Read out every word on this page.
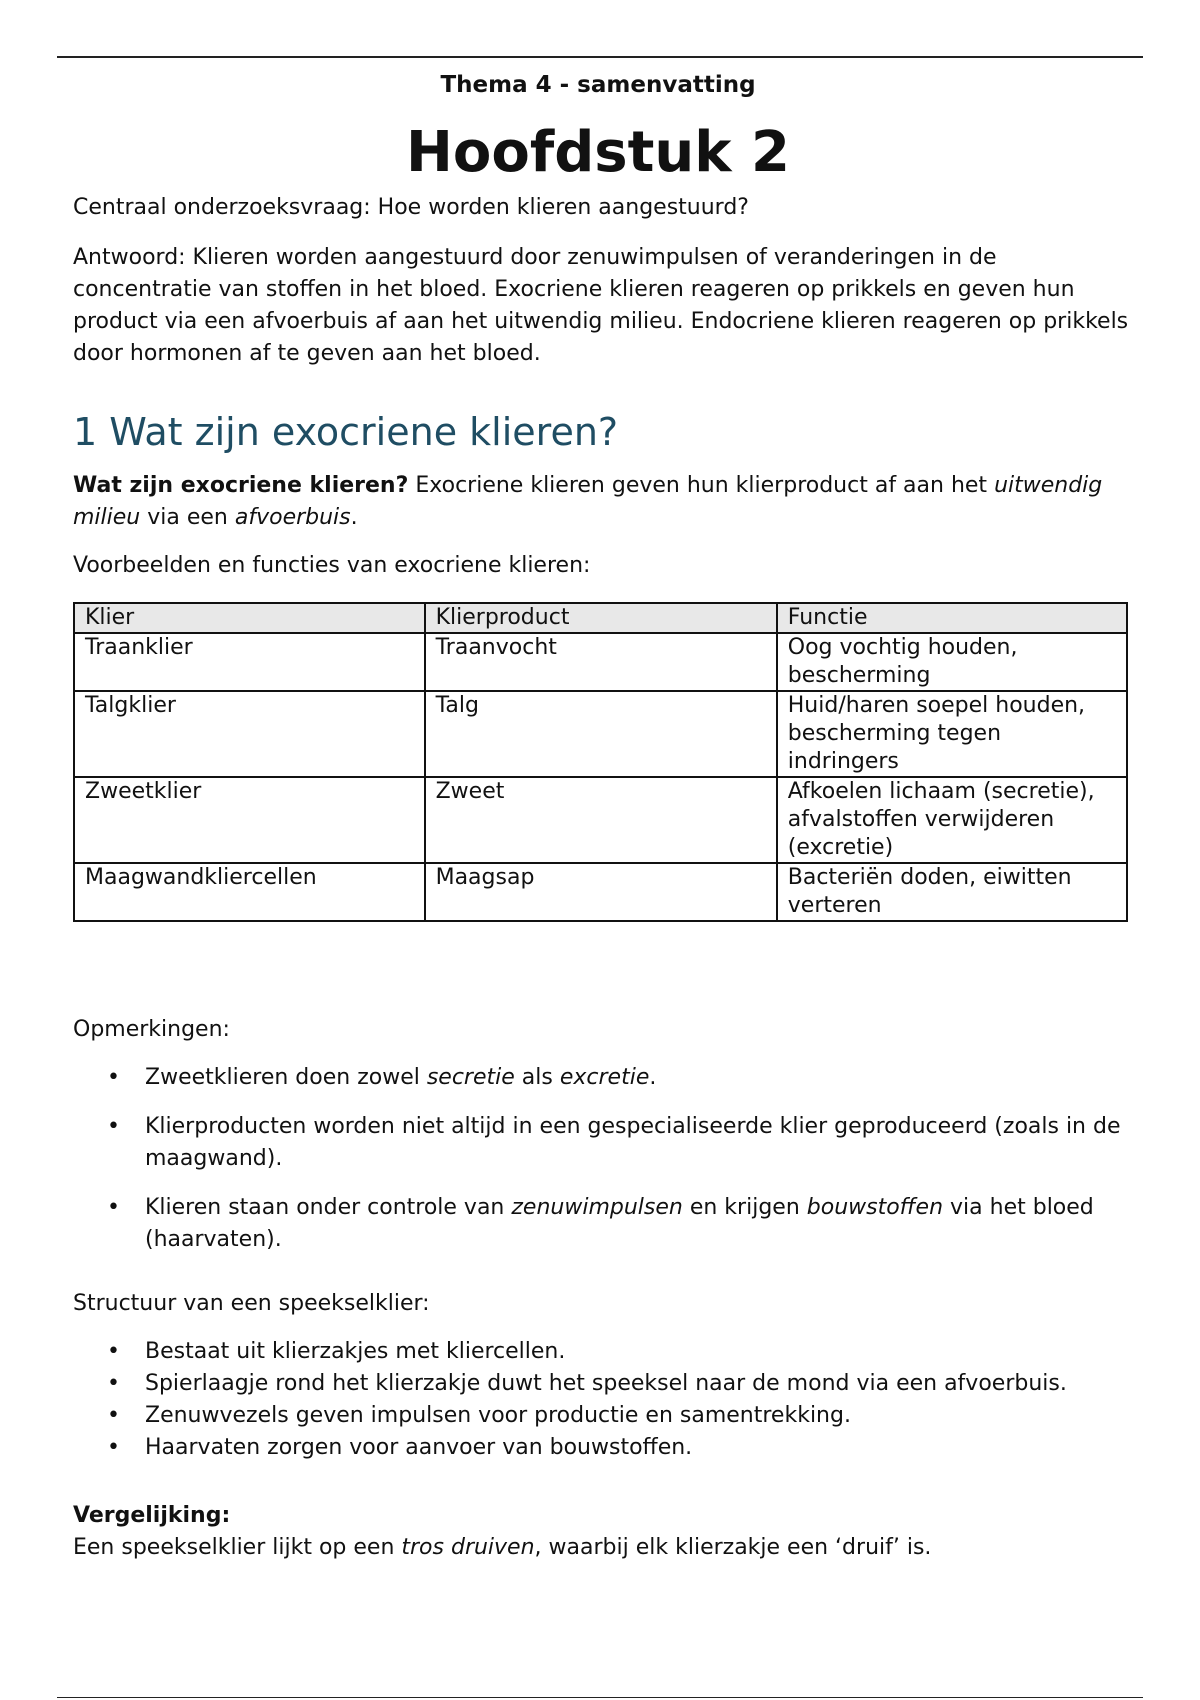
Thema 4 - samenvatting
Hoofdstuk 2

Centraal onderzoeksvraag: Hoe worden klieren aangestuurd?

Antwoord: Klieren worden aangestuurd door zenuwimpulsen of veranderingen in de concentratie van stoffen in het bloed. Exocriene klieren reageren op prikkels en geven hun product via een afvoerbuis af aan het uitwendig milieu. Endocriene klieren reageren op prikkels door hormonen af te geven aan het bloed.

1 Wat zijn exocriene klieren?

Wat zijn exocriene klieren? Exocriene klieren geven hun klierproduct af aan het uitwendig milieu via een afvoerbuis.

Voorbeelden en functies van exocriene klieren:

Klier	Klierproduct	Functie
Traanklier	Traanvocht	Oog vochtig houden, bescherming
Talgklier	Talg	Huid/haren soepel houden, bescherming tegen indringers
Zweetklier	Zweet	Afkoelen lichaam (secretie), afvalstoffen verwijderen (excretie)
Maagwandkliercellen	Maagsap	Bacteriën doden, eiwitten verteren

Opmerkingen:

• Zweetklieren doen zowel secretie als excretie.
• Klierproducten worden niet altijd in een gespecialiseerde klier geproduceerd (zoals in de maagwand).
• Klieren staan onder controle van zenuwimpulsen en krijgen bouwstoffen via het bloed (haarvaten).

Structuur van een speekselklier:

• Bestaat uit klierzakjes met kliercellen.
• Spierlaagje rond het klierzakje duwt het speeksel naar de mond via een afvoerbuis.
• Zenuwvezels geven impulsen voor productie en samentrekking.
• Haarvaten zorgen voor aanvoer van bouwstoffen.

Vergelijking:

Een speekselklier lijkt op een tros druiven, waarbij elk klierzakje een ‘druif’ is.
